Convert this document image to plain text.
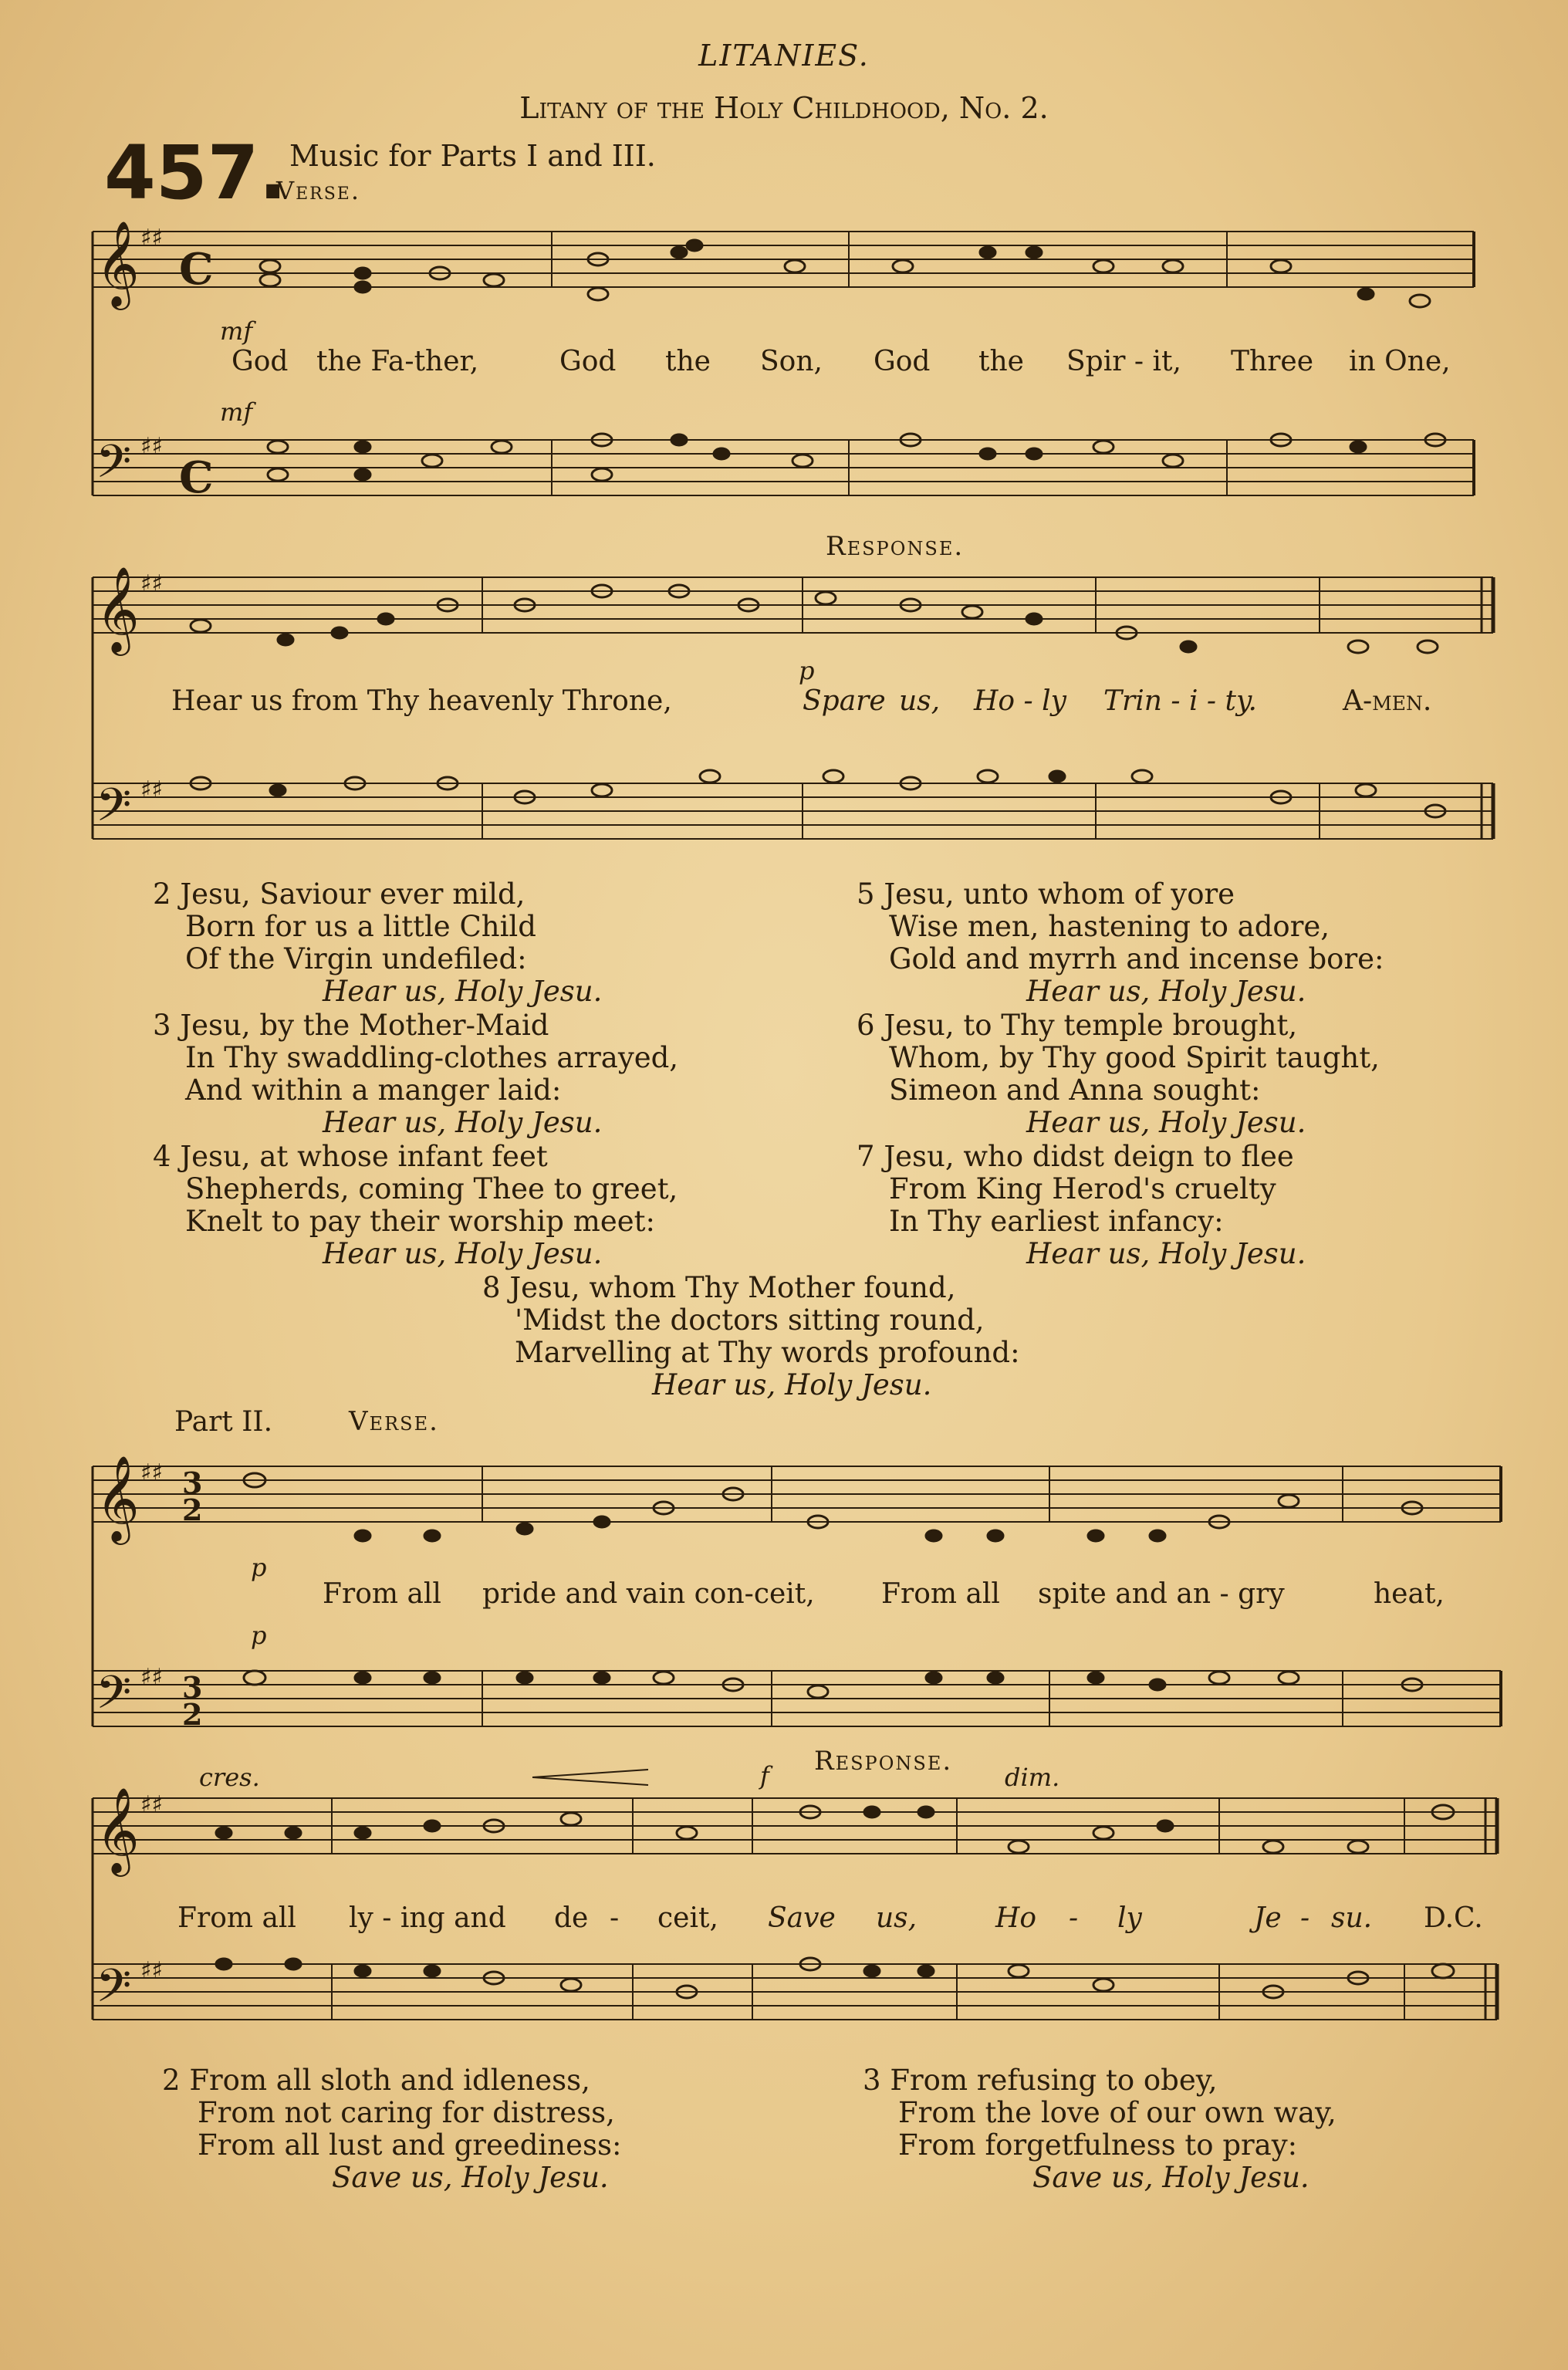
LITANIES.
Litany of the Holy Childhood, No. 2.
457. Music for Parts I and III.
Verse.
𝄞
𝄢
𝄞
𝄢
𝄞
𝄢
𝄞
𝄢
♯♯
♯♯
♯♯
♯♯
♯♯
♯♯
♯♯
♯♯
C
C
3
2
3
2
mf
mf
Response.
p
God the Fa-ther,	God the Son, God the Spir - it, Three in One,
Hear us from Thy heavenly Throne,	Spare us, Ho - ly Trin - i - ty.	A-men.
2 Jesu, Saviour ever mild,
Born for us a little Child
Of the Virgin undefiled:
Hear us, Holy Jesu.
3 Jesu, by the Mother-Maid
In Thy swaddling-clothes arrayed,
And within a manger laid:
Hear us, Holy Jesu.
4 Jesu, at whose infant feet
Shepherds, coming Thee to greet,
Knelt to pay their worship meet:
Hear us, Holy Jesu.
5 Jesu, unto whom of yore
Wise men, hastening to adore,
Gold and myrrh and incense bore:
Hear us, Holy Jesu.
6 Jesu, to Thy temple brought,
Whom, by Thy good Spirit taught,
Simeon and Anna sought:
Hear us, Holy Jesu.
7 Jesu, who didst deign to flee
From King Herod's cruelty
In Thy earliest infancy:
Hear us, Holy Jesu.
8 Jesu, whom Thy Mother found,
'Midst the doctors sitting round,
Marvelling at Thy words profound:
Hear us, Holy Jesu.
Part II.	Verse.
p
p
From all pride and vain con-ceit, From all spite and an - gry	heat,
cres.	f Response.
dim.
From all ly - ing and de - ceit, Save us,	Ho - ly	Je - su. D.C.
2 From all sloth and idleness,
From not caring for distress,
From all lust and greediness:
Save us, Holy Jesu.
3 From refusing to obey,
From the love of our own way,
From forgetfulness to pray:
Save us, Holy Jesu.
